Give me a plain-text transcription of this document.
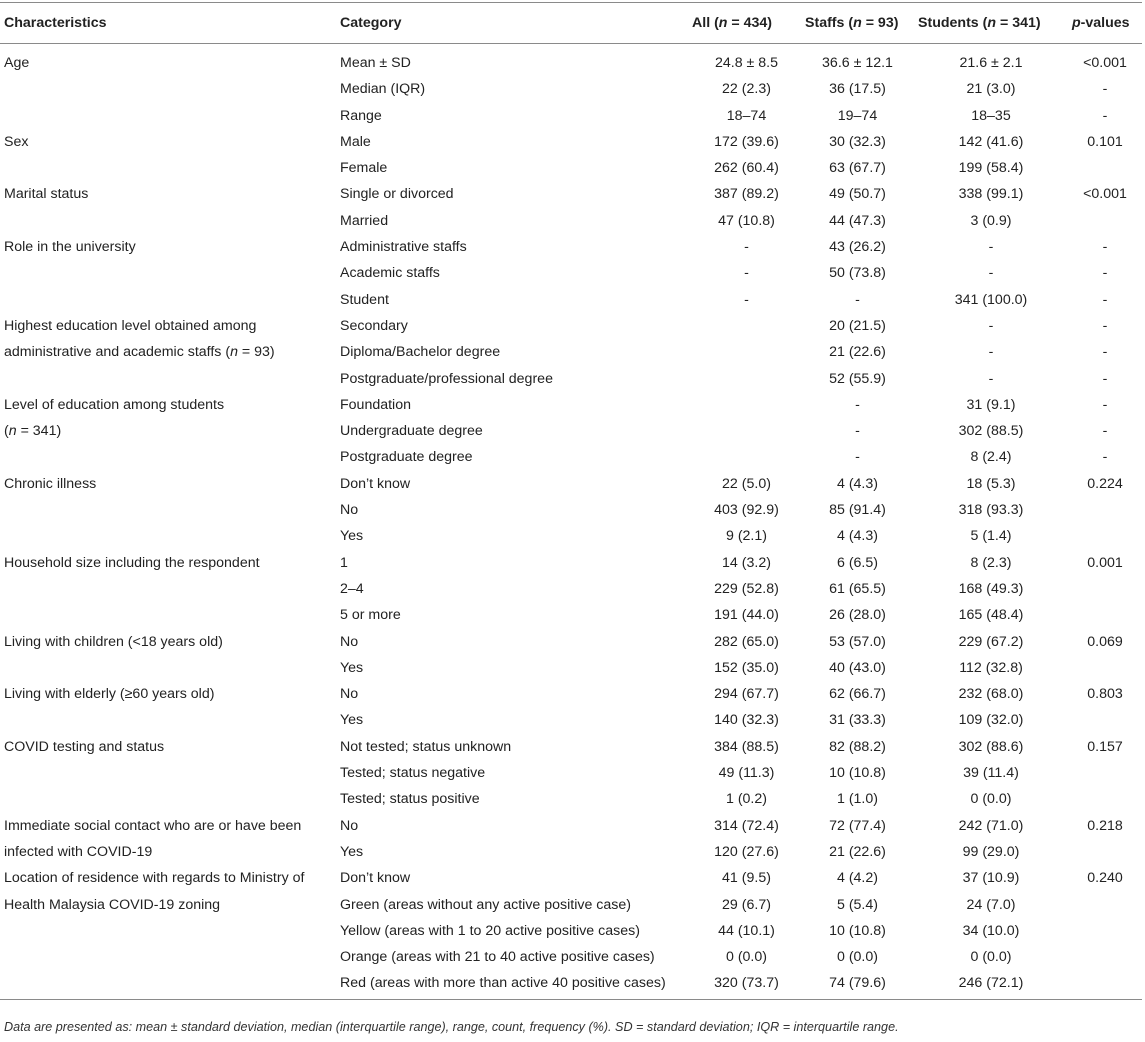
Characteristics	Category	All (n = 434)	Staffs (n = 93)	Students (n = 341)	p-values
Age	Mean ± SD	24.8 ± 8.5	36.6 ± 12.1	21.6 ± 2.1	<0.001
	Median (IQR)	22 (2.3)	36 (17.5)	21 (3.0)	-
	Range	18–74	19–74	18–35	-
Sex	Male	172 (39.6)	30 (32.3)	142 (41.6)	0.101
	Female	262 (60.4)	63 (67.7)	199 (58.4)	
Marital status	Single or divorced	387 (89.2)	49 (50.7)	338 (99.1)	<0.001
	Married	47 (10.8)	44 (47.3)	3 (0.9)	
Role in the university	Administrative staffs	-	43 (26.2)	-	-
	Academic staffs	-	50 (73.8)	-	-
	Student	-	-	341 (100.0)	-
Highest education level obtained among	Secondary		20 (21.5)	-	-
administrative and academic staffs (n = 93)	Diploma/Bachelor degree		21 (22.6)	-	-
	Postgraduate/professional degree		52 (55.9)	-	-
Level of education among students	Foundation		-	31 (9.1)	-
(n = 341)	Undergraduate degree		-	302 (88.5)	-
	Postgraduate degree		-	8 (2.4)	-
Chronic illness	Don’t know	22 (5.0)	4 (4.3)	18 (5.3)	0.224
	No	403 (92.9)	85 (91.4)	318 (93.3)	
	Yes	9 (2.1)	4 (4.3)	5 (1.4)	
Household size including the respondent	1	14 (3.2)	6 (6.5)	8 (2.3)	0.001
	2–4	229 (52.8)	61 (65.5)	168 (49.3)	
	5 or more	191 (44.0)	26 (28.0)	165 (48.4)	
Living with children (<18 years old)	No	282 (65.0)	53 (57.0)	229 (67.2)	0.069
	Yes	152 (35.0)	40 (43.0)	112 (32.8)	
Living with elderly (≥60 years old)	No	294 (67.7)	62 (66.7)	232 (68.0)	0.803
	Yes	140 (32.3)	31 (33.3)	109 (32.0)	
COVID testing and status	Not tested; status unknown	384 (88.5)	82 (88.2)	302 (88.6)	0.157
	Tested; status negative	49 (11.3)	10 (10.8)	39 (11.4)	
	Tested; status positive	1 (0.2)	1 (1.0)	0 (0.0)	
Immediate social contact who are or have been	No	314 (72.4)	72 (77.4)	242 (71.0)	0.218
infected with COVID-19	Yes	120 (27.6)	21 (22.6)	99 (29.0)	
Location of residence with regards to Ministry of	Don’t know	41 (9.5)	4 (4.2)	37 (10.9)	0.240
Health Malaysia COVID-19 zoning	Green (areas without any active positive case)	29 (6.7)	5 (5.4)	24 (7.0)	
	Yellow (areas with 1 to 20 active positive cases)	44 (10.1)	10 (10.8)	34 (10.0)	
	Orange (areas with 21 to 40 active positive cases)	0 (0.0)	0 (0.0)	0 (0.0)	
	Red (areas with more than active 40 positive cases)	320 (73.7)	74 (79.6)	246 (72.1)	
Data are presented as: mean ± standard deviation, median (interquartile range), range, count, frequency (%). SD = standard deviation; IQR = interquartile range.
